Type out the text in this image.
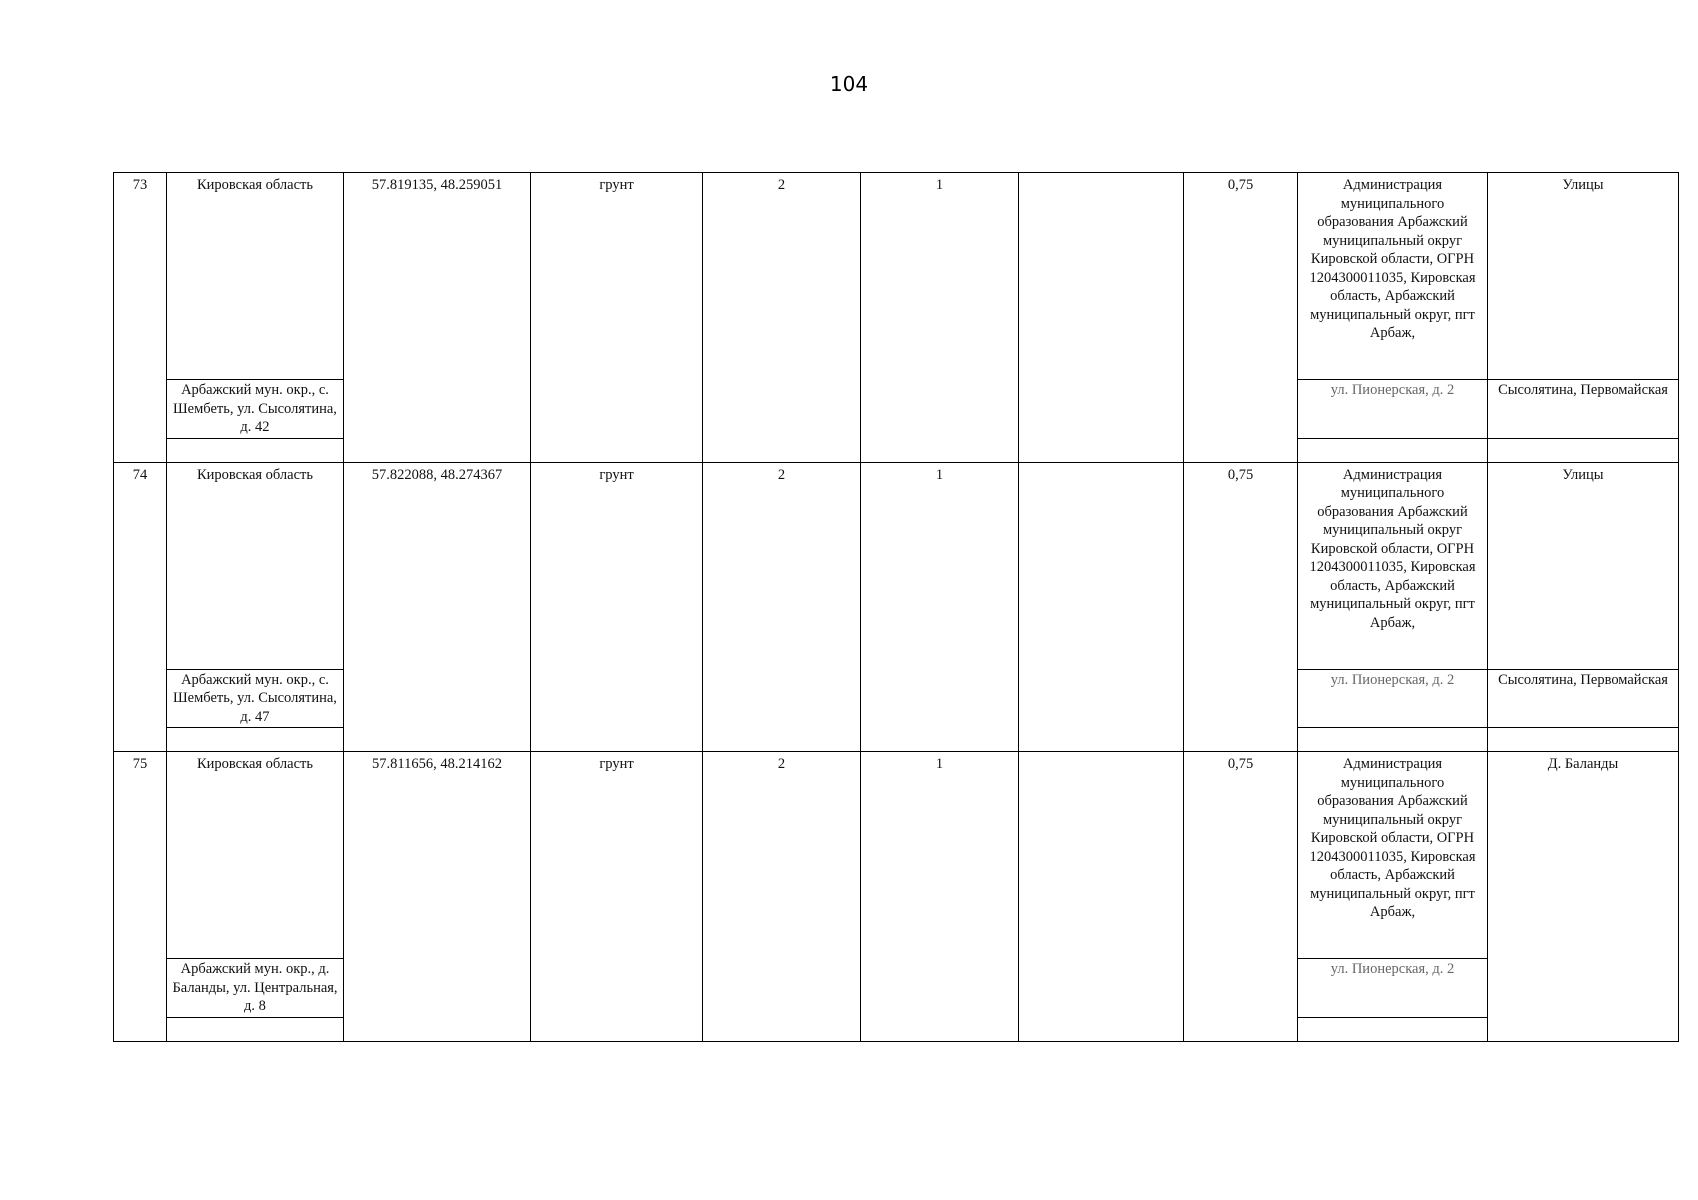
104
73	Кировская область	57.819135, 48.259051	грунт	2	1		0,75	Администрация муниципального образования Арбажский муниципальный округ Кировской области, ОГРН 1204300011035, Кировская область, Арбажский муниципальный округ, пгт Арбаж,	Улицы
	Арбажский мун. окр., с. Шембеть, ул. Сысолятина, д. 42							ул. Пионерская, д. 2	Сысолятина, Первомайская

74	Кировская область	57.822088, 48.274367	грунт	2	1		0,75	Администрация муниципального образования Арбажский муниципальный округ Кировской области, ОГРН 1204300011035, Кировская область, Арбажский муниципальный округ, пгт Арбаж,	Улицы
	Арбажский мун. окр., с. Шембеть, ул. Сысолятина, д. 47							ул. Пионерская, д. 2	Сысолятина, Первомайская

75	Кировская область	57.811656, 48.214162	грунт	2	1		0,75	Администрация муниципального образования Арбажский муниципальный округ Кировской области, ОГРН 1204300011035, Кировская область, Арбажский муниципальный округ, пгт Арбаж,	Д. Баланды
	Арбажский мун. окр., д. Баланды, ул. Центральная, д. 8							ул. Пионерская, д. 2	
